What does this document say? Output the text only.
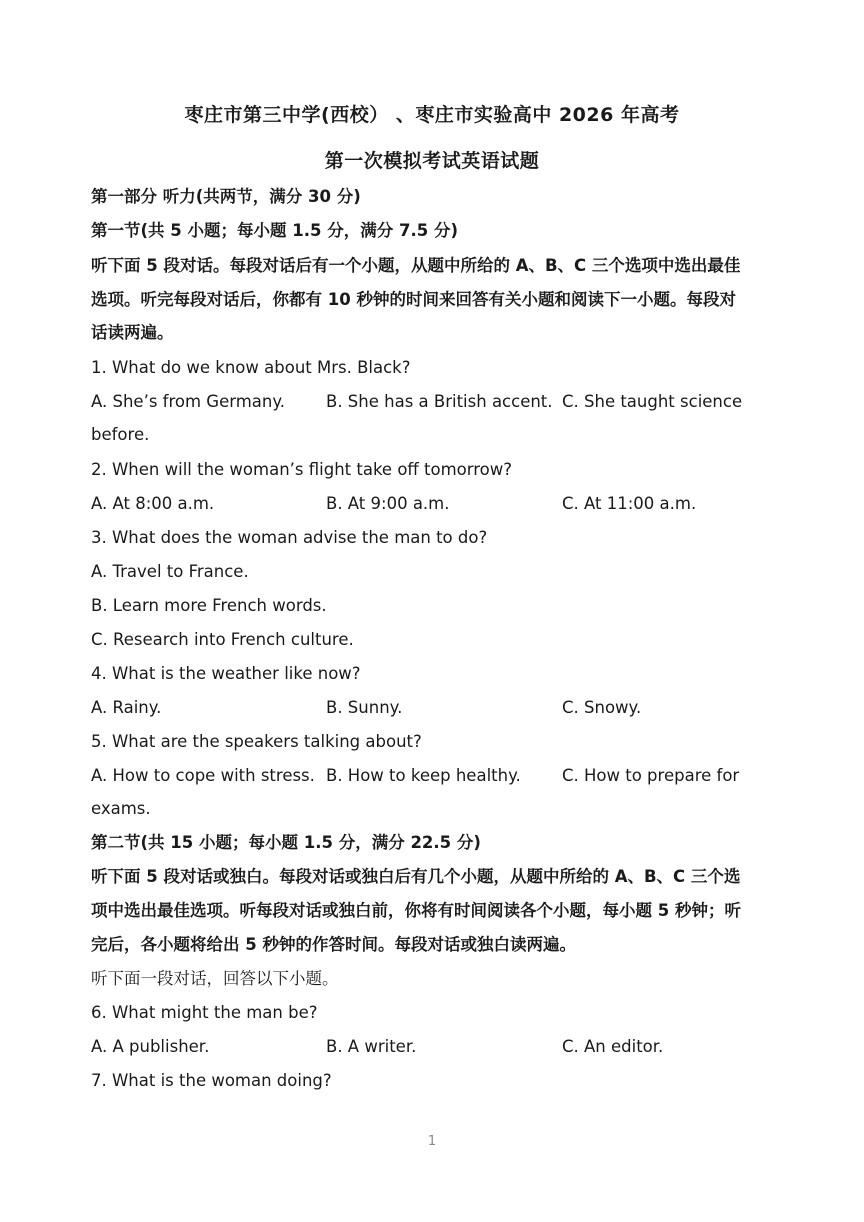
枣庄市第三中学(西校） 、枣庄市实验高中 2026 年高考
第一次模拟考试英语试题
第一部分 听力(共两节，满分 30 分)
第一节(共 5 小题；每小题 1.5 分，满分 7.5 分)
听下面 5 段对话。每段对话后有一个小题，从题中所给的 A、B、C 三个选项中选出最佳
选项。听完每段对话后，你都有 10 秒钟的时间来回答有关小题和阅读下一小题。每段对
话读两遍。
1. What do we know about Mrs. Black?
A. She’s from Germany. B. She has a British accent. C. She taught science
before.
2. When will the woman’s flight take off tomorrow?
A. At 8:00 a.m.	B. At 9:00 a.m.	C. At 11:00 a.m.
3. What does the woman advise the man to do?
A. Travel to France.
B. Learn more French words.
C. Research into French culture.
4. What is the weather like now?
A. Rainy.	B. Sunny.	C. Snowy.
5. What are the speakers talking about?
A. How to cope with stress. B. How to keep healthy.	C. How to prepare for
exams.
第二节(共 15 小题；每小题 1.5 分，满分 22.5 分)
听下面 5 段对话或独白。每段对话或独白后有几个小题，从题中所给的 A、B、C 三个选
项中选出最佳选项。听每段对话或独白前，你将有时间阅读各个小题，每小题 5 秒钟；听
完后，各小题将给出 5 秒钟的作答时间。每段对话或独白读两遍。
听下面一段对话，回答以下小题。
6. What might the man be?
A. A publisher.	B. A writer.	C. An editor.
7. What is the woman doing?
1
